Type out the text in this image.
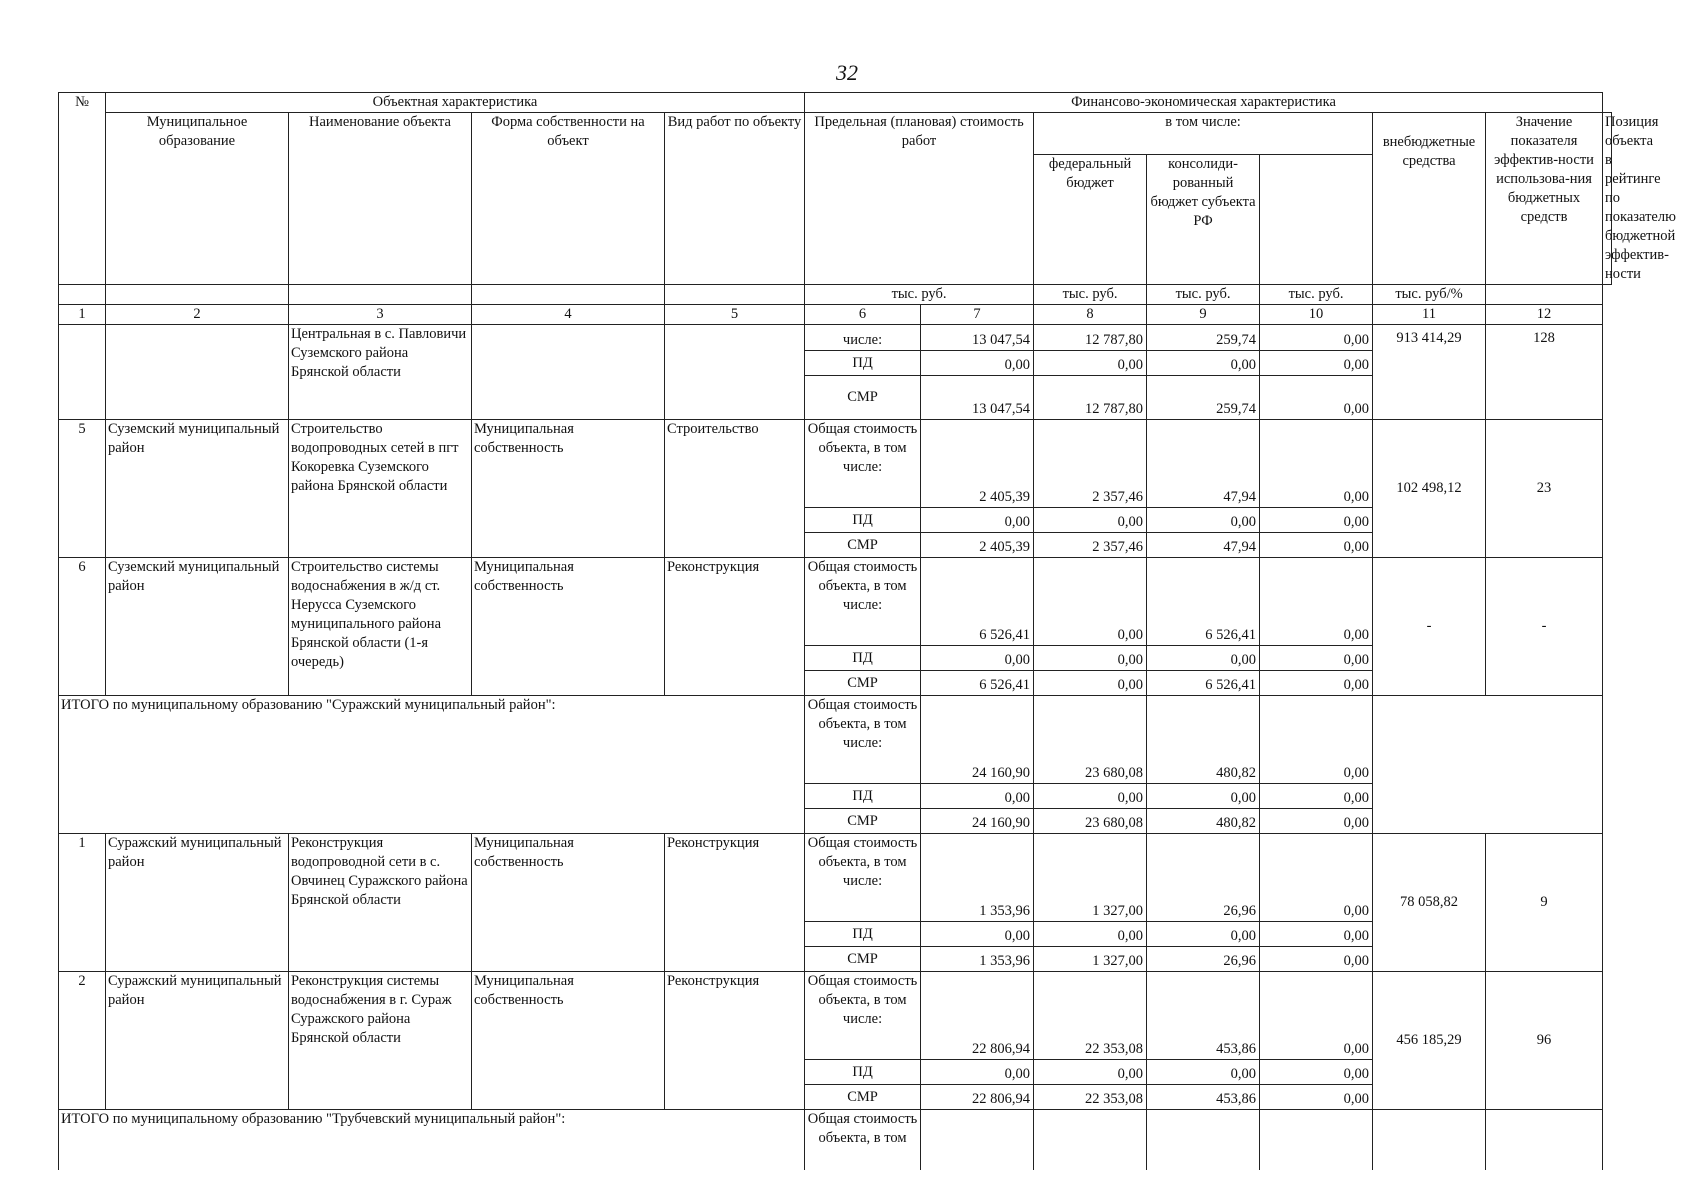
32
№	Объектная характеристика				Финансово-экономическая характеристика							
	Муниципальное образование	Наименование объекта	Форма собственности на объект	Вид работ по объекту	Предельная (плановая) стоимость работ		в том числе:			внебюджетные средства	Значение показателя эффектив-ности использова-ния бюджетных средств	Позиция объекта в рейтинге по показателю бюджетной эффектив-ности
							федеральный бюджет	консолиди-рованный бюджет субъекта РФ				
					тыс. руб.		тыс. руб.	тыс. руб.	тыс. руб.	тыс. руб/%		
1	2	3	4	5	6	7	8	9	10	11	12	
		Центральная в с. Павловичи Суземского района Брянской области			числе:	13 047,54	12 787,80	259,74	0,00	913 414,29	128	
					ПД	0,00	0,00	0,00	0,00			
					СМР	13 047,54	12 787,80	259,74	0,00			
5	Суземский муниципальный район	Строительство водопроводных сетей в пгт Кокоревка Суземского района Брянской области	Муниципальная собственность	Строительство	Общая стоимость объекта, в том числе:	2 405,39	2 357,46	47,94	0,00	102 498,12	23	
					ПД	0,00	0,00	0,00	0,00			
					СМР	2 405,39	2 357,46	47,94	0,00			
6	Суземский муниципальный район	Строительство системы водоснабжения в ж/д ст. Нерусса Суземского муниципального района Брянской области (1-я очередь)	Муниципальная собственность	Реконструкция	Общая стоимость объекта, в том числе:	6 526,41	0,00	6 526,41	0,00	-	-	
					ПД	0,00	0,00	0,00	0,00			
					СМР	6 526,41	0,00	6 526,41	0,00			
ИТОГО по муниципальному образованию "Суражский муниципальный район":					Общая стоимость объекта, в том числе:	24 160,90	23 680,08	480,82	0,00			
					ПД	0,00	0,00	0,00	0,00			
					СМР	24 160,90	23 680,08	480,82	0,00			
1	Суражский муниципальный район	Реконструкция водопроводной сети в с. Овчинец Суражского района Брянской области	Муниципальная собственность	Реконструкция	Общая стоимость объекта, в том числе:	1 353,96	1 327,00	26,96	0,00	78 058,82	9	
					ПД	0,00	0,00	0,00	0,00			
					СМР	1 353,96	1 327,00	26,96	0,00			
2	Суражский муниципальный район	Реконструкция системы водоснабжения в г. Сураж Суражского района Брянской области	Муниципальная собственность	Реконструкция	Общая стоимость объекта, в том числе:	22 806,94	22 353,08	453,86	0,00	456 185,29	96	
					ПД	0,00	0,00	0,00	0,00			
					СМР	22 806,94	22 353,08	453,86	0,00			
ИТОГО по муниципальному образованию "Трубчевский муниципальный район":					Общая стоимость объекта, в том							
